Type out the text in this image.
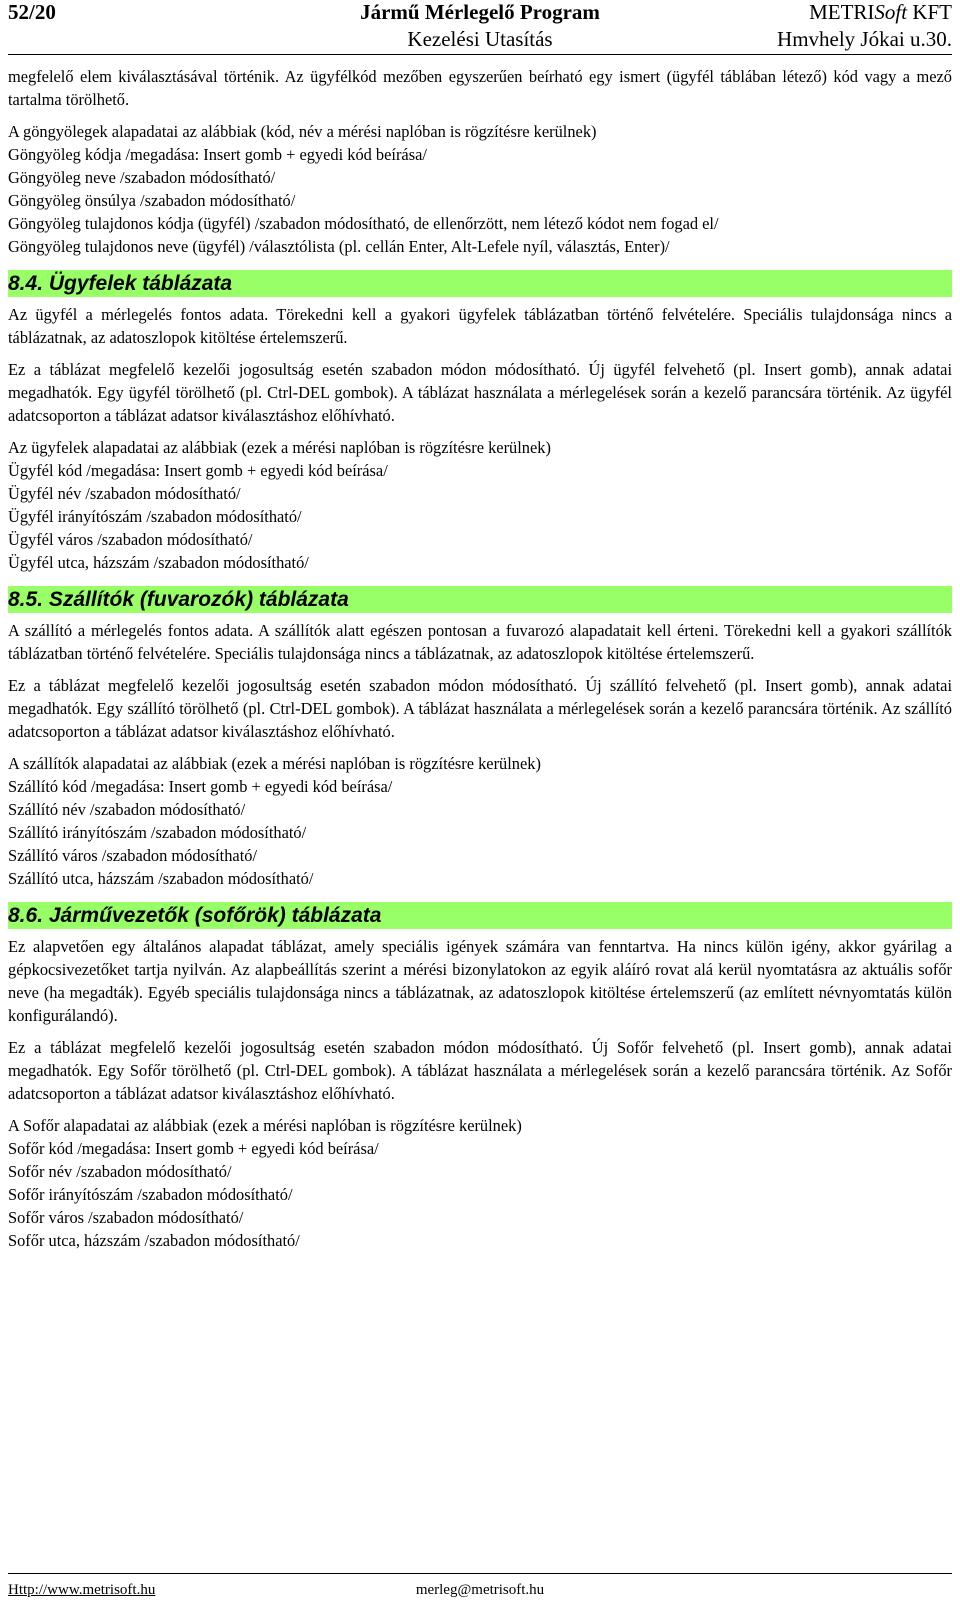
52/20	Jármű Mérlegelő Program	METRISoft KFT
Kezelési Utasítás	Hmvhely Jókai u.30.

megfelelő elem kiválasztásával történik. Az ügyfélkód mezőben egyszerűen beírható egy ismert (ügyfél táblában létező) kód vagy a mező tartalma törölhető.

A göngyölegek alapadatai az alábbiak (kód, név a mérési naplóban is rögzítésre kerülnek)
Göngyöleg kódja /megadása: Insert gomb + egyedi kód beírása/
Göngyöleg neve /szabadon módosítható/
Göngyöleg önsúlya /szabadon módosítható/
Göngyöleg tulajdonos kódja (ügyfél) /szabadon módosítható, de ellenőrzött, nem létező kódot nem fogad el/
Göngyöleg tulajdonos neve (ügyfél) /választólista (pl. cellán Enter, Alt-Lefele nyíl, választás, Enter)/
8.4. Ügyfelek táblázata

Az ügyfél a mérlegelés fontos adata. Törekedni kell a gyakori ügyfelek táblázatban történő felvételére. Speciális tulajdonsága nincs a táblázatnak, az adatoszlopok kitöltése értelemszerű.

Ez a táblázat megfelelő kezelői jogosultság esetén szabadon módon módosítható. Új ügyfél felvehető (pl. Insert gomb), annak adatai megadhatók. Egy ügyfél törölhető (pl. Ctrl-DEL gombok). A táblázat használata a mérlegelések során a kezelő parancsára történik. Az ügyfél adatcsoporton a táblázat adatsor kiválasztáshoz előhívható.

Az ügyfelek alapadatai az alábbiak (ezek a mérési naplóban is rögzítésre kerülnek)
Ügyfél kód /megadása: Insert gomb + egyedi kód beírása/
Ügyfél név /szabadon módosítható/
Ügyfél irányítószám /szabadon módosítható/
Ügyfél város /szabadon módosítható/
Ügyfél utca, házszám /szabadon módosítható/
8.5. Szállítók (fuvarozók) táblázata

A szállító a mérlegelés fontos adata. A szállítók alatt egészen pontosan a fuvarozó alapadatait kell érteni. Törekedni kell a gyakori szállítók táblázatban történő felvételére. Speciális tulajdonsága nincs a táblázatnak, az adatoszlopok kitöltése értelemszerű.

Ez a táblázat megfelelő kezelői jogosultság esetén szabadon módon módosítható. Új szállító felvehető (pl. Insert gomb), annak adatai megadhatók. Egy szállító törölhető (pl. Ctrl-DEL gombok). A táblázat használata a mérlegelések során a kezelő parancsára történik. Az szállító adatcsoporton a táblázat adatsor kiválasztáshoz előhívható.

A szállítók alapadatai az alábbiak (ezek a mérési naplóban is rögzítésre kerülnek)
Szállító kód /megadása: Insert gomb + egyedi kód beírása/
Szállító név /szabadon módosítható/
Szállító irányítószám /szabadon módosítható/
Szállító város /szabadon módosítható/
Szállító utca, házszám /szabadon módosítható/
8.6. Járművezetők (sofőrök) táblázata

Ez alapvetően egy általános alapadat táblázat, amely speciális igények számára van fenntartva. Ha nincs külön igény, akkor gyárilag a gépkocsivezetőket tartja nyilván. Az alapbeállítás szerint a mérési bizonylatokon az egyik aláíró rovat alá kerül nyomtatásra az aktuális sofőr neve (ha megadták). Egyéb speciális tulajdonsága nincs a táblázatnak, az adatoszlopok kitöltése értelemszerű (az említett névnyomtatás külön konfigurálandó).

Ez a táblázat megfelelő kezelői jogosultság esetén szabadon módon módosítható. Új Sofőr felvehető (pl. Insert gomb), annak adatai megadhatók. Egy Sofőr törölhető (pl. Ctrl-DEL gombok). A táblázat használata a mérlegelések során a kezelő parancsára történik. Az Sofőr adatcsoporton a táblázat adatsor kiválasztáshoz előhívható.

A Sofőr alapadatai az alábbiak (ezek a mérési naplóban is rögzítésre kerülnek)
Sofőr kód /megadása: Insert gomb + egyedi kód beírása/
Sofőr név /szabadon módosítható/
Sofőr irányítószám /szabadon módosítható/
Sofőr város /szabadon módosítható/
Sofőr utca, házszám /szabadon módosítható/
Http://www.metrisoft.hu	merleg@metrisoft.hu
